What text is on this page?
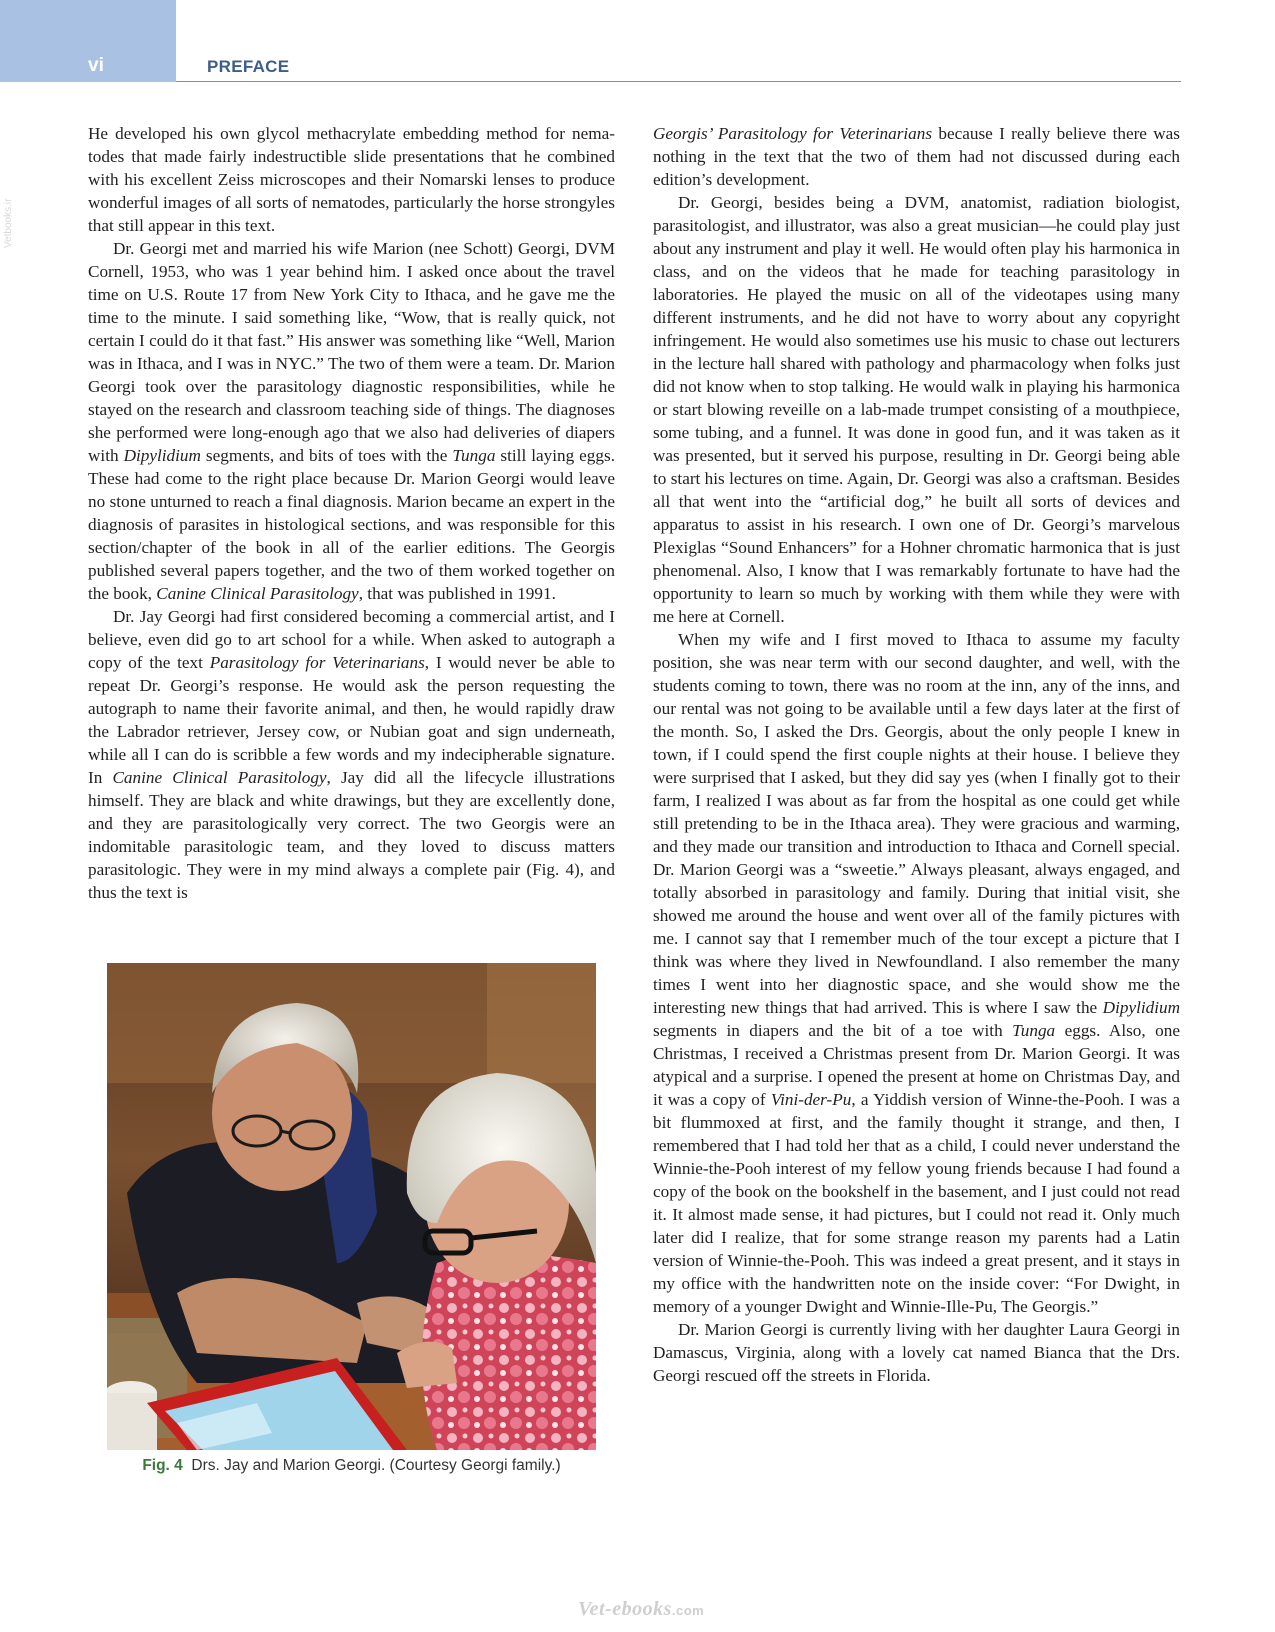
vi	PREFACE
Vetbooks.ir

He developed his own glycol methacrylate embedding method for nematodes that made fairly indestructible slide presentations that he combined with his excellent Zeiss microscopes and their Nomarski lenses to produce wonderful images of all sorts of nematodes, particularly the horse strongyles that still appear in this text.

Dr. Georgi met and married his wife Marion (nee Schott) Georgi, DVM Cornell, 1953, who was 1 year behind him. I asked once about the travel time on U.S. Route 17 from New York City to Ithaca, and he gave me the time to the minute. I said something like, “Wow, that is really quick, not certain I could do it that fast.” His answer was something like “Well, Marion was in Ithaca, and I was in NYC.” The two of them were a team. Dr. Marion Georgi took over the parasitology diagnostic responsibilities, while he stayed on the research and classroom teaching side of things. The diagnoses she performed were long-enough ago that we also had deliveries of diapers with Dipylidium segments, and bits of toes with the Tunga still laying eggs. These had come to the right place because Dr. Marion Georgi would leave no stone unturned to reach a final diagnosis. Marion became an expert in the diagnosis of parasites in histological sections, and was responsible for this section/chapter of the book in all of the earlier editions. The Georgis published several papers together, and the two of them worked together on the book, Canine Clinical Parasitology, that was published in 1991.

Dr. Jay Georgi had first considered becoming a commercial artist, and I believe, even did go to art school for a while. When asked to autograph a copy of the text Parasitology for Veterinarians, I would never be able to repeat Dr. Georgi’s response. He would ask the person requesting the autograph to name their favorite animal, and then, he would rapidly draw the Labrador retriever, Jersey cow, or Nubian goat and sign underneath, while all I can do is scribble a few words and my indecipherable signature. In Canine Clinical Parasitology, Jay did all the lifecycle illustrations himself. They are black and white drawings, but they are excellently done, and they are parasitologically very correct. The two Georgis were an indomitable parasitologic team, and they loved to discuss matters parasitologic. They were in my mind always a complete pair (Fig. 4), and thus the text is

Fig. 4 Drs. Jay and Marion Georgi. (Courtesy Georgi family.)

Georgis’ Parasitology for Veterinarians because I really believe there was nothing in the text that the two of them had not discussed during each edition’s development.

Dr. Georgi, besides being a DVM, anatomist, radiation biologist, parasitologist, and illustrator, was also a great musician—he could play just about any instrument and play it well. He would often play his harmonica in class, and on the videos that he made for teaching parasitology in laboratories. He played the music on all of the videotapes using many different instruments, and he did not have to worry about any copyright infringement. He would also sometimes use his music to chase out lecturers in the lecture hall shared with pathology and pharmacology when folks just did not know when to stop talking. He would walk in playing his harmonica or start blowing reveille on a lab-made trumpet consisting of a mouthpiece, some tubing, and a funnel. It was done in good fun, and it was taken as it was presented, but it served his purpose, resulting in Dr. Georgi being able to start his lectures on time. Again, Dr. Georgi was also a craftsman. Besides all that went into the “artificial dog,” he built all sorts of devices and apparatus to assist in his research. I own one of Dr. Georgi’s marvelous Plexiglas “Sound Enhancers” for a Hohner chromatic harmonica that is just phenomenal. Also, I know that I was remarkably fortunate to have had the opportunity to learn so much by working with them while they were with me here at Cornell.

When my wife and I first moved to Ithaca to assume my faculty position, she was near term with our second daughter, and well, with the students coming to town, there was no room at the inn, any of the inns, and our rental was not going to be available until a few days later at the first of the month. So, I asked the Drs. Georgis, about the only people I knew in town, if I could spend the first couple nights at their house. I believe they were surprised that I asked, but they did say yes (when I finally got to their farm, I realized I was about as far from the hospital as one could get while still pretending to be in the Ithaca area). They were gracious and warming, and they made our transition and introduction to Ithaca and Cornell special. Dr. Marion Georgi was a “sweetie.” Always pleasant, always engaged, and totally absorbed in parasitology and family. During that initial visit, she showed me around the house and went over all of the family pictures with me. I cannot say that I remember much of the tour except a picture that I think was where they lived in Newfoundland. I also remember the many times I went into her diagnostic space, and she would show me the interesting new things that had arrived. This is where I saw the Dipylidium segments in diapers and the bit of a toe with Tunga eggs. Also, one Christmas, I received a Christmas present from Dr. Marion Georgi. It was atypical and a surprise. I opened the present at home on Christmas Day, and it was a copy of Vini-der-Pu, a Yiddish version of Winne-the-Pooh. I was a bit flummoxed at first, and the family thought it strange, and then, I remembered that I had told her that as a child, I could never understand the Winnie-the-Pooh interest of my fellow young friends because I had found a copy of the book on the bookshelf in the basement, and I just could not read it. It almost made sense, it had pictures, but I could not read it. Only much later did I realize, that for some strange reason my parents had a Latin version of Winnie-the-Pooh. This was indeed a great present, and it stays in my office with the handwritten note on the inside cover: “For Dwight, in memory of a younger Dwight and Winnie-Ille-Pu, The Georgis.”

Dr. Marion Georgi is currently living with her daughter Laura Georgi in Damascus, Virginia, along with a lovely cat named Bianca that the Drs. Georgi rescued off the streets in Florida.

Vet-ebooks.com
